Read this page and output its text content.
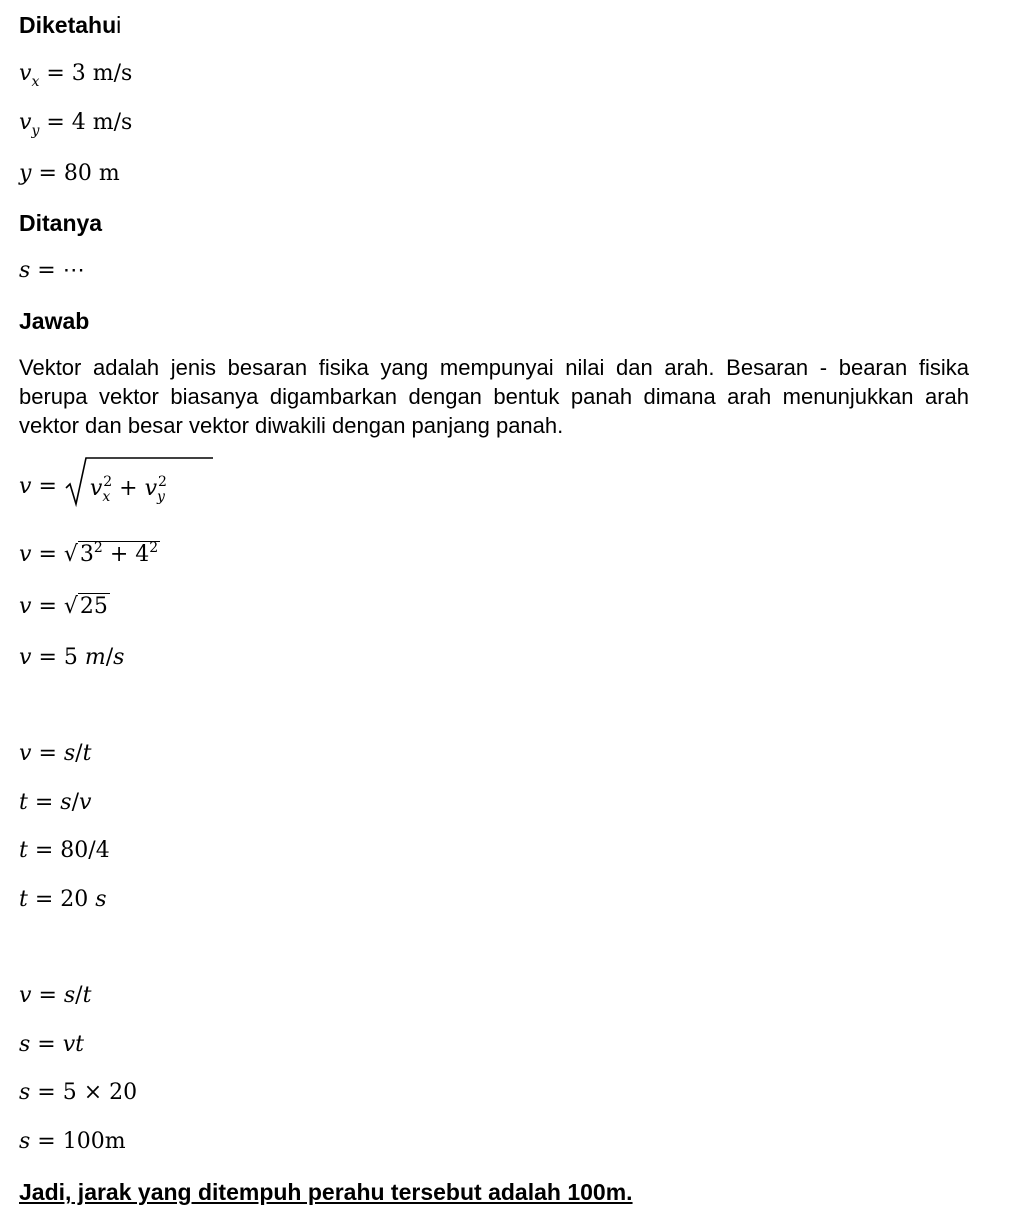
Diketahui
$v_x = 3$ m/s
$v_y = 4$ m/s
y = 80 m
Ditanya
s = ⋯
Jawab

Vektor adalah jenis besaran fisika yang mempunyai nilai dan arah. Besaran - bearan fisika berupa vektor biasanya digambarkan dengan bentuk panah dimana arah menunjukkan arah vektor dan besar vektor diwakili dengan panjang panah.

$v = v_x^2 + v_y^2$
$v = √3^2 + 4^2$
v = √25
v = 5 m/s
v = s/t
t = s/v
t = 80/4
t = 20 s
v = s/t
s = vt
s = 5 × 20
s = 100m

Jadi, jarak yang ditempuh perahu tersebut adalah 100m.
